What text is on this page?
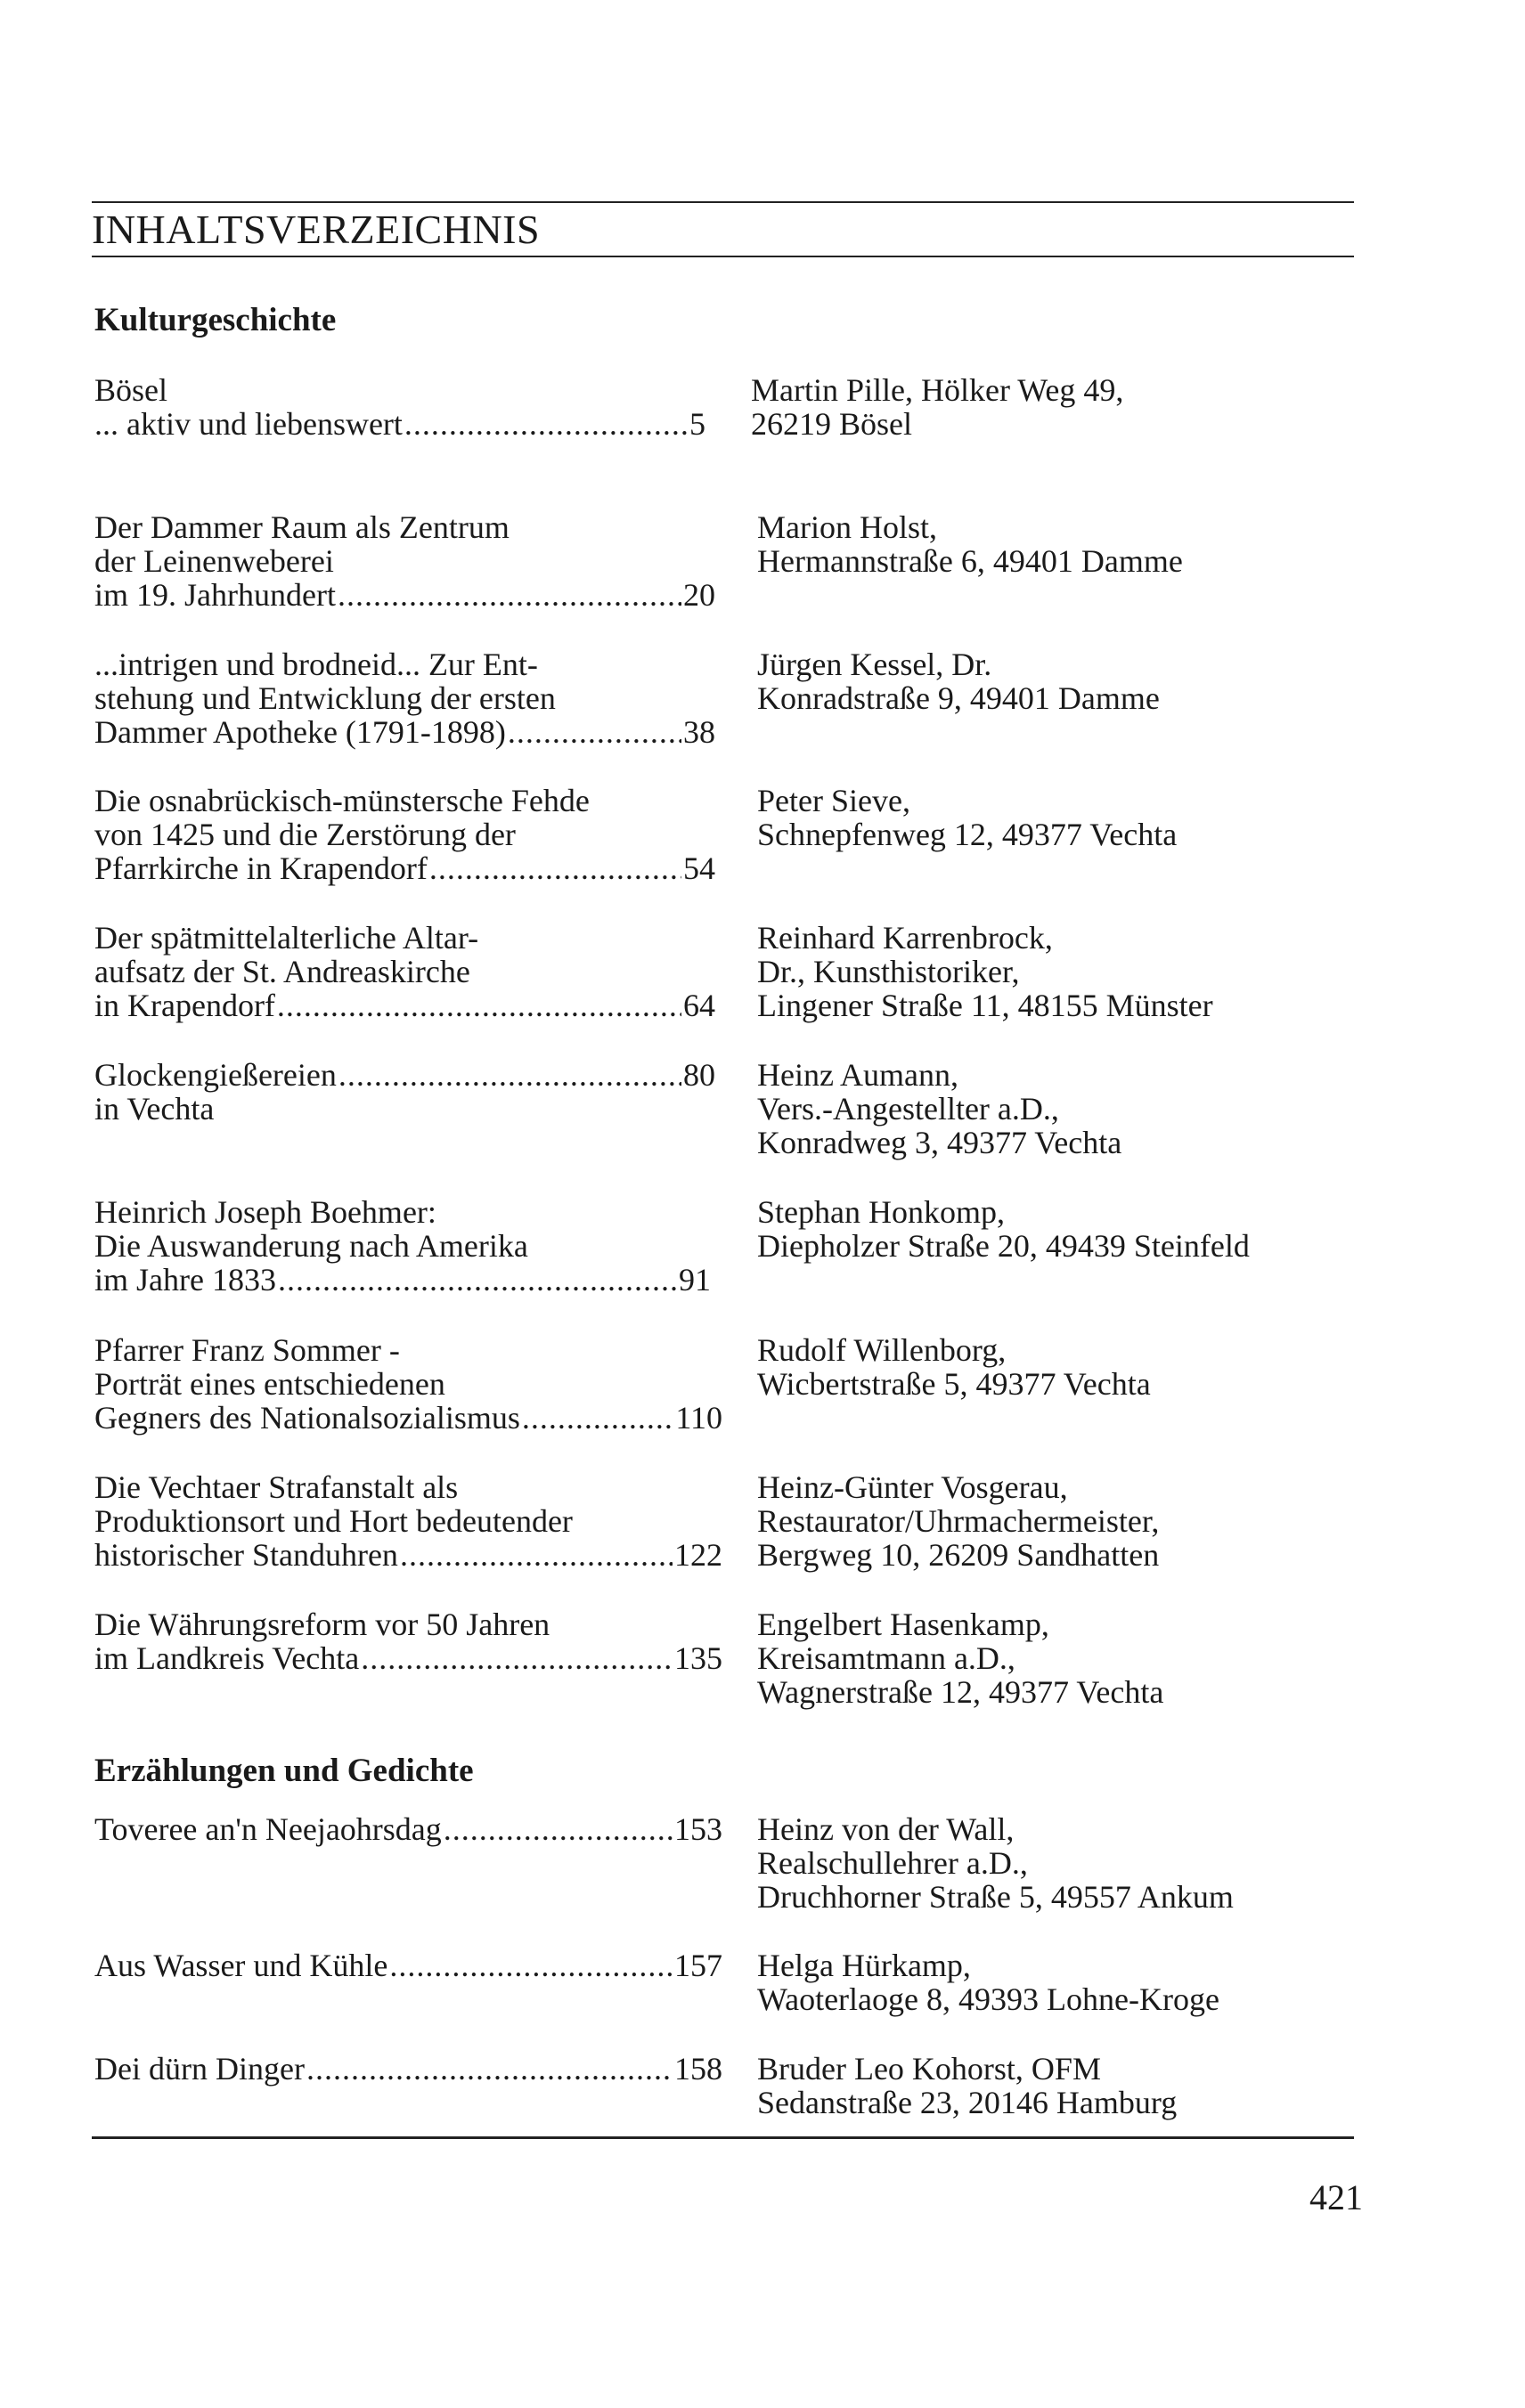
INHALTSVERZEICHNIS
Kulturgeschichte
Bösel
... aktiv und liebenswert .....	5
Martin Pille, Hölker Weg 49,
26219 Bösel
Der Dammer Raum als Zentrum
der Leinenweberei
im 19. Jahrhundert .....	20
Marion Holst,
Hermannstraße 6, 49401 Damme
...intrigen und brodneid... Zur Ent-
stehung und Entwicklung der ersten
Dammer Apotheke (1791-1898) .....	38
Jürgen Kessel, Dr.
Konradstraße 9, 49401 Damme
Die osnabrückisch-münstersche Fehde
von 1425 und die Zerstörung der
Pfarrkirche in Krapendorf .....	54
Peter Sieve,
Schnepfenweg 12, 49377 Vechta
Der spätmittelalterliche Altar-
aufsatz der St. Andreaskirche
in Krapendorf .....	64
Reinhard Karrenbrock,
Dr., Kunsthistoriker,
Lingener Straße 11, 48155 Münster
Glockengießereien .....	80
in Vechta
Heinz Aumann,
Vers.-Angestellter a.D.,
Konradweg 3, 49377 Vechta
Heinrich Joseph Boehmer:
Die Auswanderung nach Amerika
im Jahre 1833 .....	91
Stephan Honkomp,
Diepholzer Straße 20, 49439 Steinfeld
Pfarrer Franz Sommer -
Porträt eines entschiedenen
Gegners des Nationalsozialismus .....	110
Rudolf Willenborg,
Wicbertstraße 5, 49377 Vechta
Die Vechtaer Strafanstalt als
Produktionsort und Hort bedeutender
historischer Standuhren .....	122
Heinz-Günter Vosgerau,
Restaurator/Uhrmachermeister,
Bergweg 10, 26209 Sandhatten
Die Währungsreform vor 50 Jahren
im Landkreis Vechta .....	135
Engelbert Hasenkamp,
Kreisamtmann a.D.,
Wagnerstraße 12, 49377 Vechta
Erzählungen und Gedichte
Toveree an'n Neejaohrsdag .....	153 Heinz von der Wall,
Realschullehrer a.D.,
Druchhorner Straße 5, 49557 Ankum
Aus Wasser und Kühle .....	157 Helga Hürkamp,
Waoterlaoge 8, 49393 Lohne-Kroge
Dei dürn Dinger .....	158 Bruder Leo Kohorst, OFM
Sedanstraße 23, 20146 Hamburg
421
